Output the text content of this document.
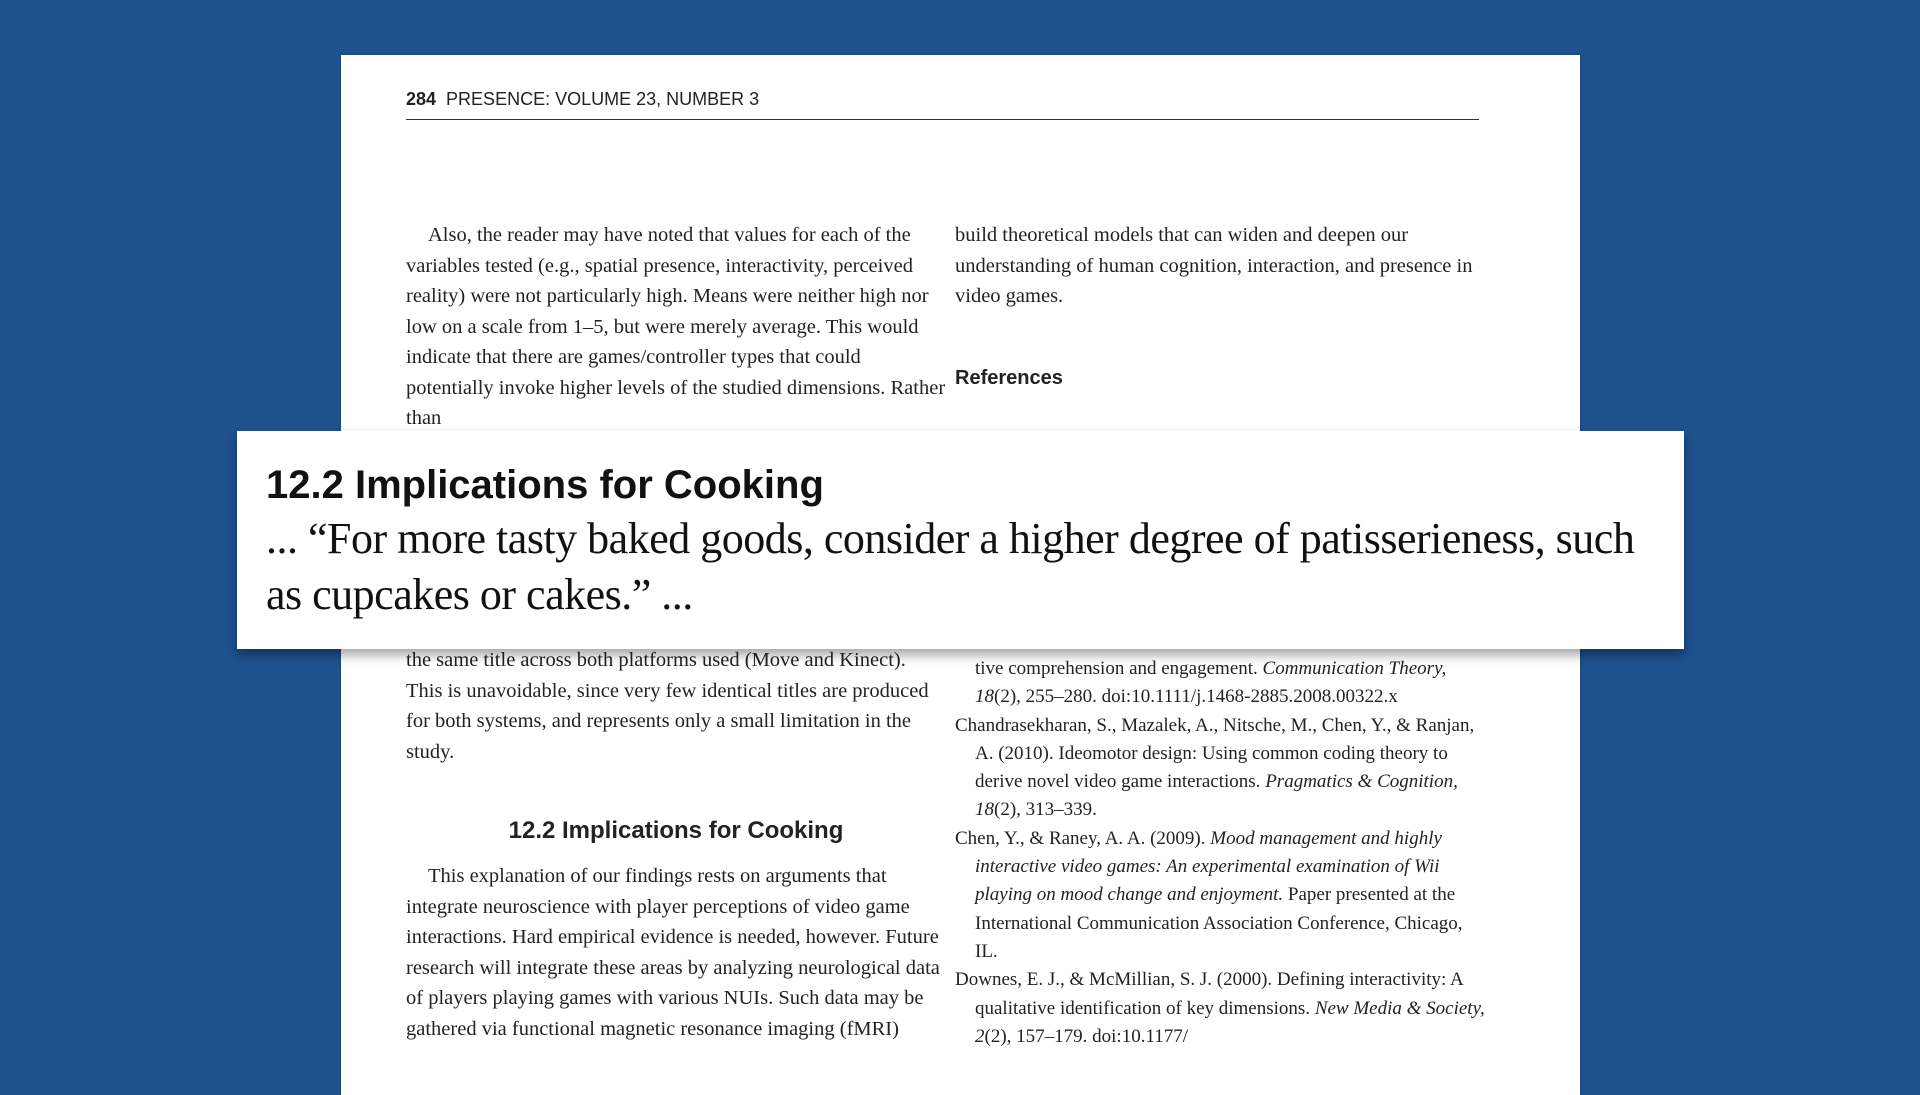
284 PRESENCE: VOLUME 23, NUMBER 3

Also, the reader may have noted that values for each of the variables tested (e.g., spatial presence, interactivity, perceived reality) were not particularly high. Means were neither high nor low on a scale from 1–5, but were merely average. This would indicate that there are games/controller types that could potentially invoke higher levels of the studied dimensions. Rather than

build theoretical models that can widen and deepen our understanding of human cognition, interaction, and presence in video games.

References

the same title across both platforms used (Move and Kinect). This is unavoidable, since very few identical titles are produced for both systems, and represents only a small limitation in the study.

12.2 Implications for Cooking

This explanation of our findings rests on arguments that integrate neuroscience with player perceptions of video game interactions. Hard empirical evidence is needed, however. Future research will integrate these areas by analyzing neurological data of players playing games with various NUIs. Such data may be gathered via functional magnetic resonance imaging (fMRI)

tive comprehension and engagement. Communication Theory, 18(2), 255–280. doi:10.1111/j.1468-2885.2008.00322.x

Chandrasekharan, S., Mazalek, A., Nitsche, M., Chen, Y., & Ranjan, A. (2010). Ideomotor design: Using common coding theory to derive novel video game interactions. Pragmatics & Cognition, 18(2), 313–339.

Chen, Y., & Raney, A. A. (2009). Mood management and highly interactive video games: An experimental examination of Wii playing on mood change and enjoyment. Paper presented at the International Communication Association Conference, Chicago, IL.

Downes, E. J., & McMillian, S. J. (2000). Defining interactivity: A qualitative identification of key dimensions. New Media & Society, 2(2), 157–179. doi:10.1177/

12.2 Implications for Cooking
... “For more tasty baked goods, consider a higher degree of patisserieness, such as cupcakes or cakes.” ...
